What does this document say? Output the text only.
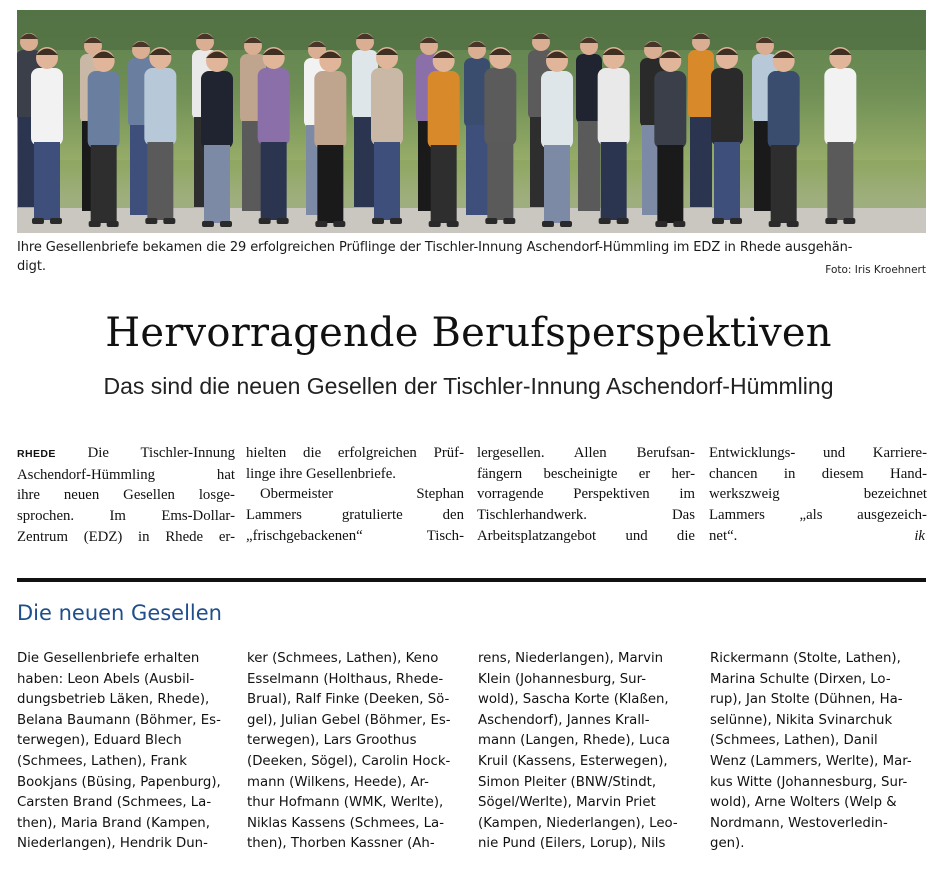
Ihre Gesellenbriefe bekamen die 29 erfolgreichen Prüflinge der Tischler-Innung Aschendorf-Hümmling im EDZ in Rhede ausgehän-
digt.	Foto: Iris Kroehnert
Hervorragende Berufsperspektiven
Das sind die neuen Gesellen der Tischler-Innung Aschendorf-Hümmling
RHEDE Die Tischler-Innung
Aschendorf-Hümmling hat
ihre neuen Gesellen losge-
sprochen. Im Ems-Dollar-
Zentrum (EDZ) in Rhede er-
hielten die erfolgreichen Prüf-
linge ihre Gesellenbriefe.
Obermeister Stephan
Lammers gratulierte den
„frischgebackenen“ Tisch-
lergesellen. Allen Berufsan-
fängern bescheinigte er her-
vorragende Perspektiven im
Tischlerhandwerk. Das
Arbeitsplatzangebot und die
Entwicklungs- und Karriere-
chancen in diesem Hand-
werkszweig bezeichnet
Lammers „als ausgezeich-
net“.	ik
Die neuen Gesellen
Die Gesellenbriefe erhalten
haben: Leon Abels (Ausbil-
dungsbetrieb Läken, Rhede),
Belana Baumann (Böhmer, Es-
terwegen), Eduard Blech
(Schmees, Lathen), Frank
Bookjans (Büsing, Papenburg),
Carsten Brand (Schmees, La-
then), Maria Brand (Kampen,
Niederlangen), Hendrik Dun-
ker (Schmees, Lathen), Keno
Esselmann (Holthaus, Rhede-
Brual), Ralf Finke (Deeken, Sö-
gel), Julian Gebel (Böhmer, Es-
terwegen), Lars Groothus
(Deeken, Sögel), Carolin Hock-
mann (Wilkens, Heede), Ar-
thur Hofmann (WMK, Werlte),
Niklas Kassens (Schmees, La-
then), Thorben Kassner (Ah-
rens, Niederlangen), Marvin
Klein (Johannesburg, Sur-
wold), Sascha Korte (Klaßen,
Aschendorf), Jannes Krall-
mann (Langen, Rhede), Luca
Kruil (Kassens, Esterwegen),
Simon Pleiter (BNW/Stindt,
Sögel/Werlte), Marvin Priet
(Kampen, Niederlangen), Leo-
nie Pund (Eilers, Lorup), Nils
Rickermann (Stolte, Lathen),
Marina Schulte (Dirxen, Lo-
rup), Jan Stolte (Dühnen, Ha-
selünne), Nikita Svinarchuk
(Schmees, Lathen), Danil
Wenz (Lammers, Werlte), Mar-
kus Witte (Johannesburg, Sur-
wold), Arne Wolters (Welp &
Nordmann, Westoverledin-
gen).
